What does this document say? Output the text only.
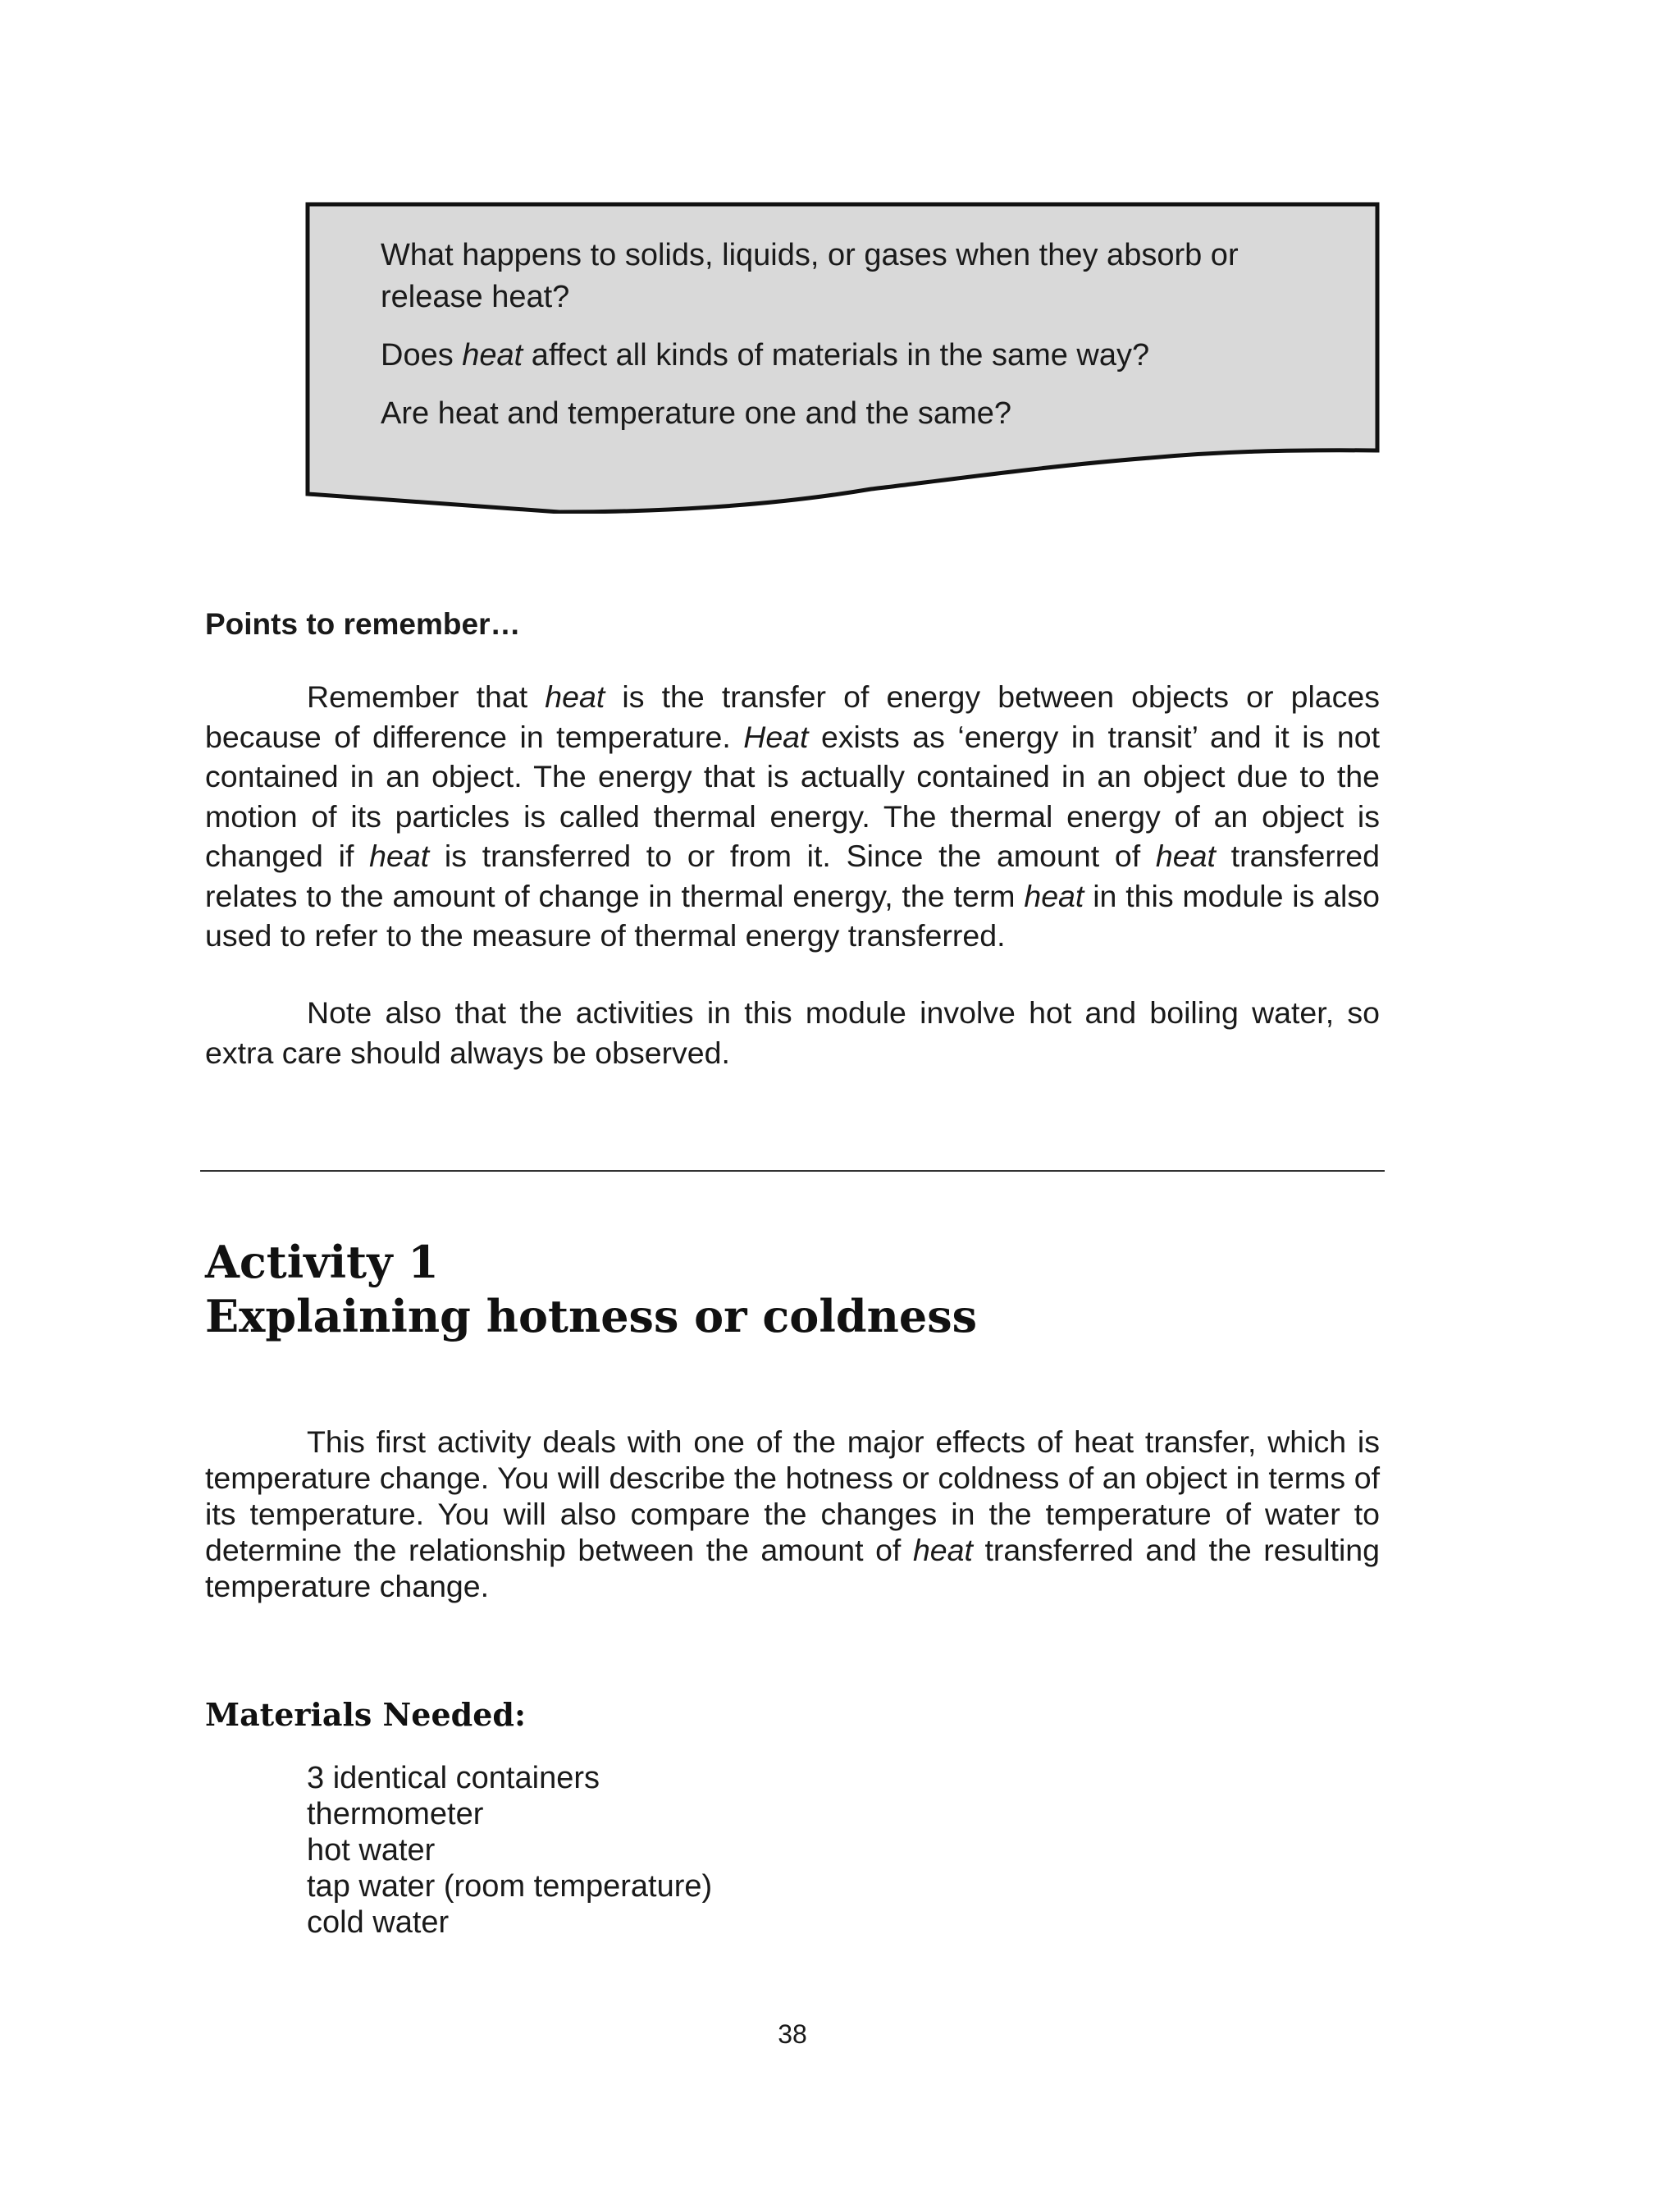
What happens to solids, liquids, or gases when they absorb or release heat?

Does heat affect all kinds of materials in the same way?

Are heat and temperature one and the same?

Points to remember…

Remember that heat is the transfer of energy between objects or places because of difference in temperature. Heat exists as ‘energy in transit’ and it is not contained in an object. The energy that is actually contained in an object due to the motion of its particles is called thermal energy. The thermal energy of an object is changed if heat is transferred to or from it. Since the amount of heat transferred relates to the amount of change in thermal energy, the term heat in this module is also used to refer to the measure of thermal energy transferred.

Note also that the activities in this module involve hot and boiling water, so extra care should always be observed.

Activity 1
Explaining hotness or coldness

This first activity deals with one of the major effects of heat transfer, which is temperature change. You will describe the hotness or coldness of an object in terms of its temperature. You will also compare the changes in the temperature of water to determine the relationship between the amount of heat transferred and the resulting temperature change.

Materials Needed:
3 identical containers
thermometer
hot water
tap water (room temperature)
cold water

38
